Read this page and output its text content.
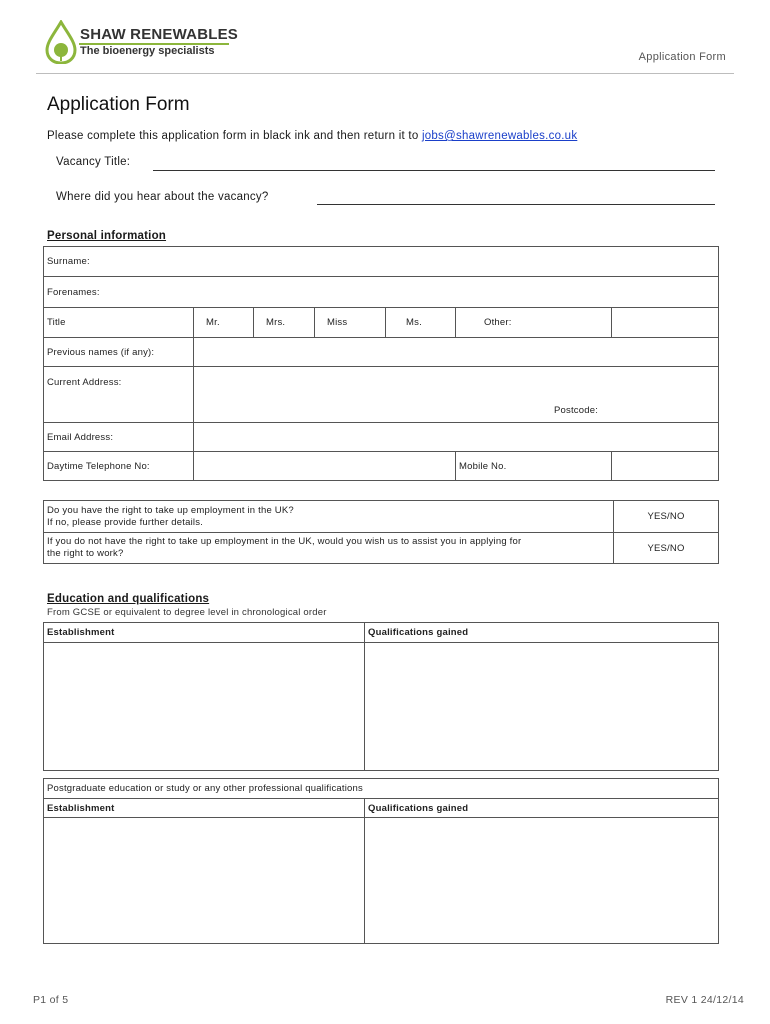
SHAW RENEWABLES
The bioenergy specialists	Application Form
Application Form
Please complete this application form in black ink and then return it to jobs@shawrenewables.co.uk
Vacancy Title:
Where did you hear about the vacancy?
Personal information
Surname:						
Forenames:						
Title	Mr.	Mrs.	Miss	Ms.	Other:	
Previous names (if any):						
Current Address:	Postcode:					
Email Address:						
Daytime Telephone No:					Mobile No.	
Do you have the right to take up employment in the UK?
If no, please provide further details.	YES/NO
If you do not have the right to take up employment in the UK, would you wish us to assist you in applying for
the right to work?	YES/NO
Education and qualifications
From GCSE or equivalent to degree level in chronological order
Establishment	Qualifications gained

Postgraduate education or study or any other professional qualifications	
Establishment	Qualifications gained

P1 of 5	REV 1 24/12/14
